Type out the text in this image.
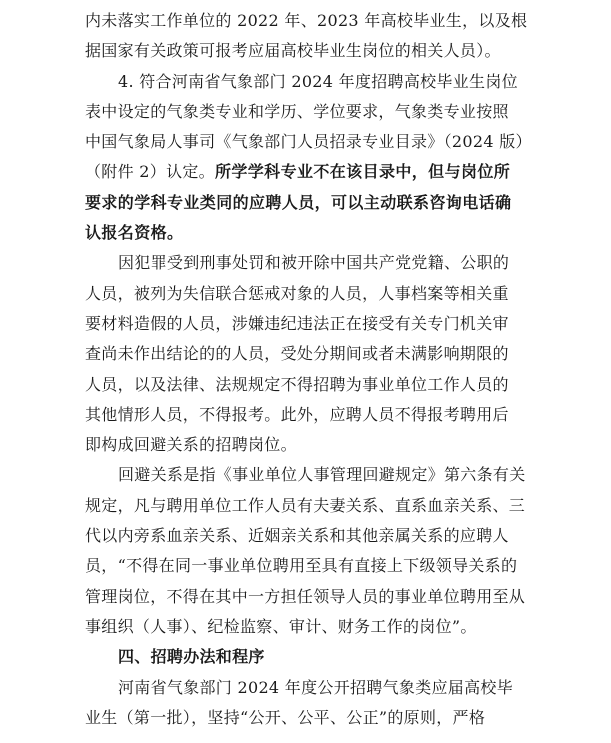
内未落实工作单位的 2022 年、2023 年高校毕业生，以及根
据国家有关政策可报考应届高校毕业生岗位的相关人员）。
4. 符合河南省气象部门 2024 年度招聘高校毕业生岗位
表中设定的气象类专业和学历、学位要求，气象类专业按照
中国气象局人事司《气象部门人员招录专业目录》（2024 版）
（附件 2）认定。所学学科专业不在该目录中，但与岗位所
要求的学科专业类同的应聘人员，可以主动联系咨询电话确
认报名资格。
因犯罪受到刑事处罚和被开除中国共产党党籍、公职的
人员，被列为失信联合惩戒对象的人员，人事档案等相关重
要材料造假的人员，涉嫌违纪违法正在接受有关专门机关审
查尚未作出结论的的人员，受处分期间或者未满影响期限的
人员，以及法律、法规规定不得招聘为事业单位工作人员的
其他情形人员，不得报考。此外，应聘人员不得报考聘用后
即构成回避关系的招聘岗位。
回避关系是指《事业单位人事管理回避规定》第六条有关
规定，凡与聘用单位工作人员有夫妻关系、直系血亲关系、三
代以内旁系血亲关系、近姻亲关系和其他亲属关系的应聘人
员，“不得在同一事业单位聘用至具有直接上下级领导关系的
管理岗位，不得在其中一方担任领导人员的事业单位聘用至从
事组织（人事）、纪检监察、审计、财务工作的岗位”。
四、招聘办法和程序
河南省气象部门 2024 年度公开招聘气象类应届高校毕
业生（第一批），坚持“公开、公平、公正”的原则，严格
